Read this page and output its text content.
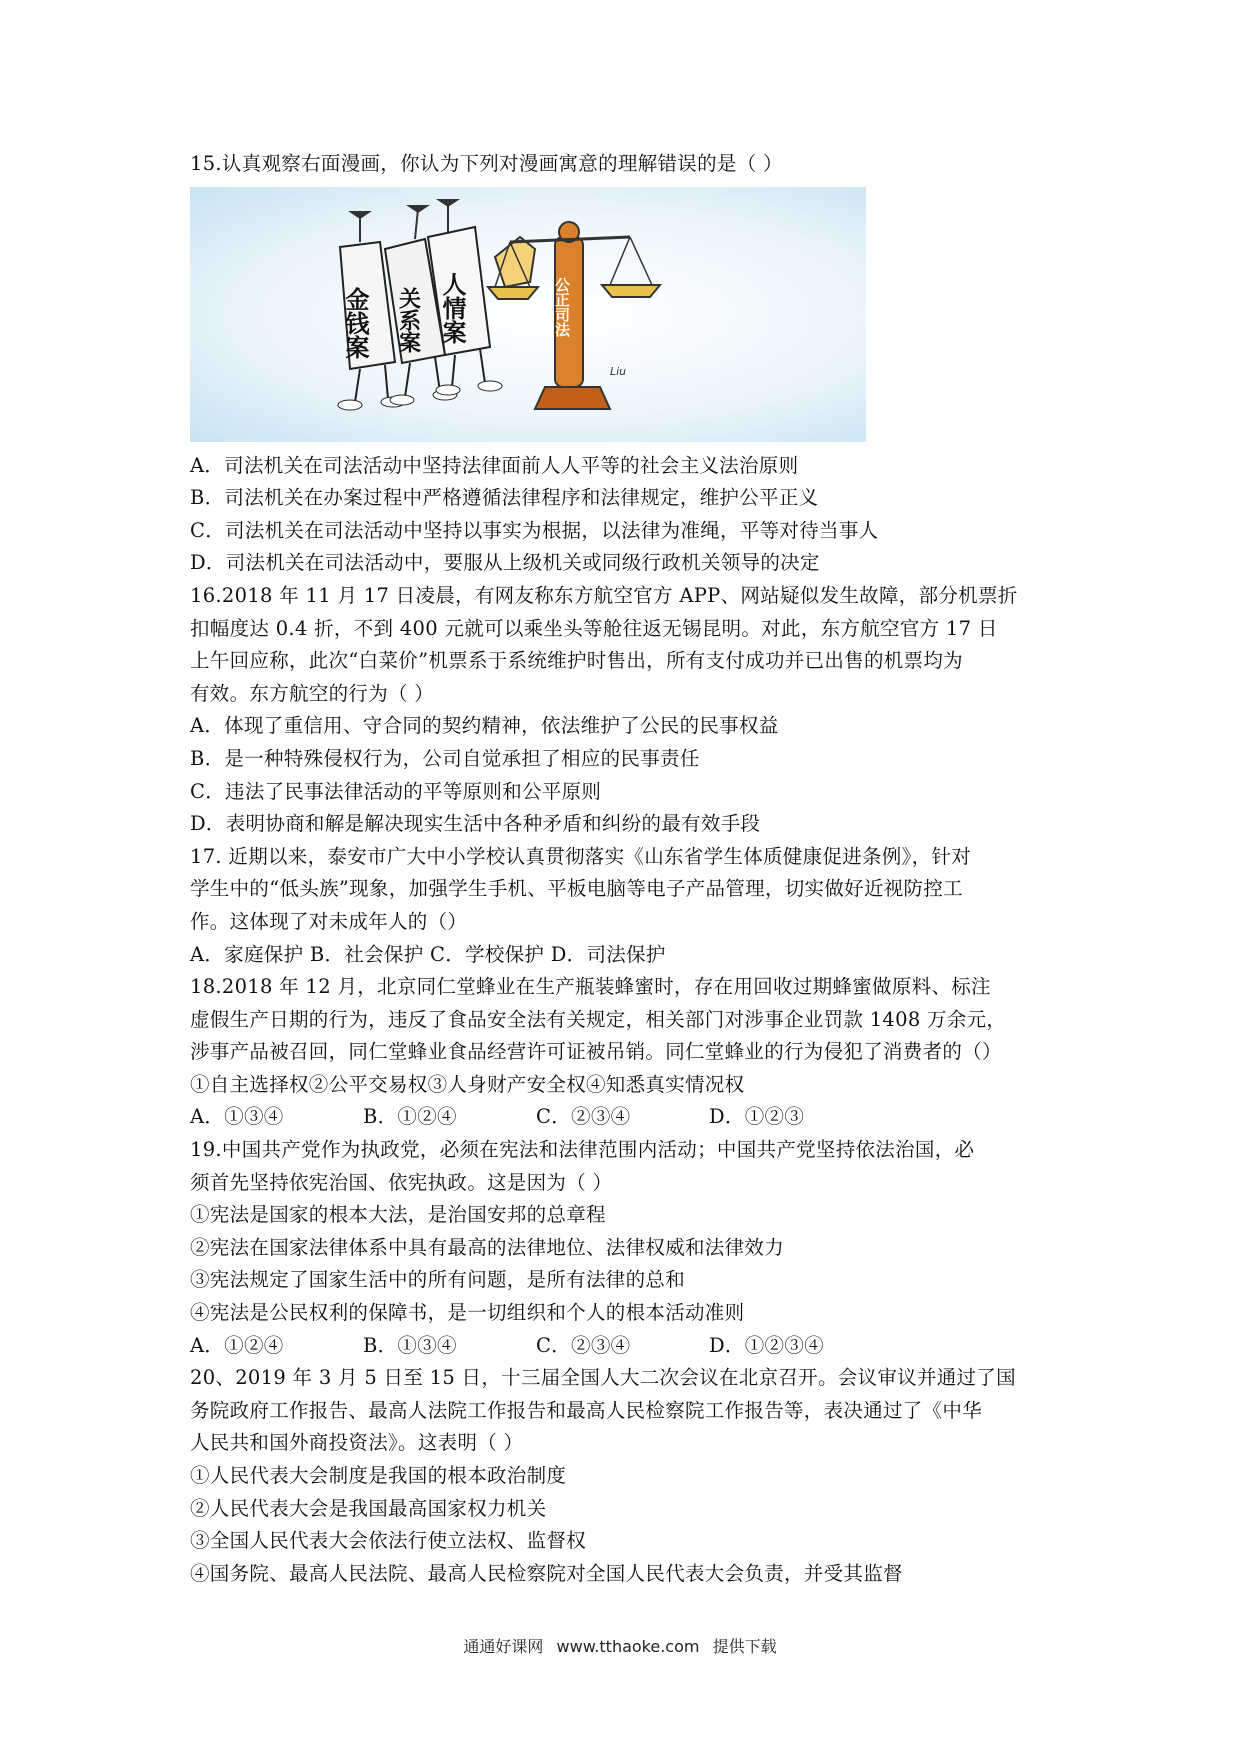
15.认真观察右面漫画，你认为下列对漫画寓意的理解错误的是（ ）
金钱案 关系案 人情案	公正司法
Liu
A．司法机关在司法活动中坚持法律面前人人平等的社会主义法治原则
B．司法机关在办案过程中严格遵循法律程序和法律规定，维护公平正义
C．司法机关在司法活动中坚持以事实为根据，以法律为准绳，平等对待当事人
D．司法机关在司法活动中，要服从上级机关或同级行政机关领导的决定
16.2018 年 11 月 17 日凌晨，有网友称东方航空官方 APP、网站疑似发生故障，部分机票折
扣幅度达 0.4 折，不到 400 元就可以乘坐头等舱往返无锡昆明。对此，东方航空官方 17 日
上午回应称，此次“白菜价”机票系于系统维护时售出，所有支付成功并已出售的机票均为
有效。东方航空的行为（ ）
A．体现了重信用、守合同的契约精神，依法维护了公民的民事权益
B．是一种特殊侵权行为，公司自觉承担了相应的民事责任
C．违法了民事法律活动的平等原则和公平原则
D．表明协商和解是解决现实生活中各种矛盾和纠纷的最有效手段
17. 近期以来，泰安市广大中小学校认真贯彻落实《山东省学生体质健康促进条例》，针对
学生中的“低头族”现象，加强学生手机、平板电脑等电子产品管理，切实做好近视防控工
作。这体现了对未成年人的（）
A．家庭保护 B．社会保护 C．学校保护 D．司法保护
18.2018 年 12 月，北京同仁堂蜂业在生产瓶装蜂蜜时，存在用回收过期蜂蜜做原料、标注
虚假生产日期的行为，违反了食品安全法有关规定，相关部门对涉事企业罚款 1408 万余元，
涉事产品被召回，同仁堂蜂业食品经营许可证被吊销。同仁堂蜂业的行为侵犯了消费者的（）
①自主选择权②公平交易权③人身财产安全权④知悉真实情况权
A．①③④	B．①②④	C．②③④	D．①②③
19.中国共产党作为执政党，必须在宪法和法律范围内活动；中国共产党坚持依法治国，必
须首先坚持依宪治国、依宪执政。这是因为（ ）
①宪法是国家的根本大法，是治国安邦的总章程
②宪法在国家法律体系中具有最高的法律地位、法律权威和法律效力
③宪法规定了国家生活中的所有问题，是所有法律的总和
④宪法是公民权利的保障书，是一切组织和个人的根本活动准则
A．①②④	B．①③④	C．②③④	D．①②③④
20、2019 年 3 月 5 日至 15 日，十三届全国人大二次会议在北京召开。会议审议并通过了国
务院政府工作报告、最高人法院工作报告和最高人民检察院工作报告等，表决通过了《中华
人民共和国外商投资法》。这表明（ ）
①人民代表大会制度是我国的根本政治制度
②人民代表大会是我国最高国家权力机关
③全国人民代表大会依法行使立法权、监督权
④国务院、最高人民法院、最高人民检察院对全国人民代表大会负责，并受其监督
通通好课网 www.tthaoke.com 提供下载
